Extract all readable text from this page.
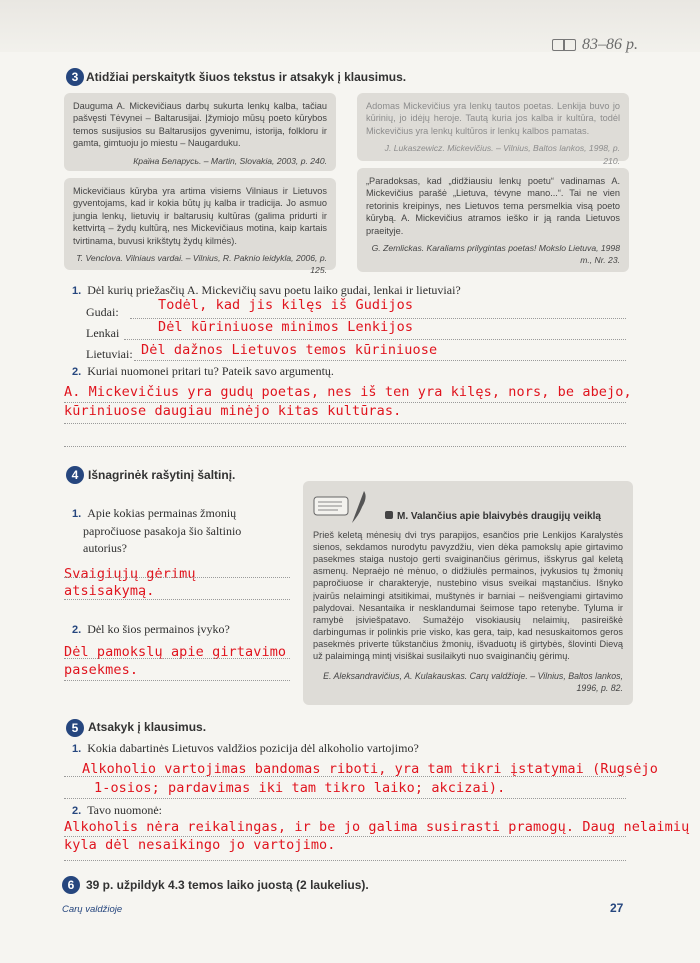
83–86 p.
3 Atidžiai perskaitytk šiuos tekstus ir atsakyk į klausimus.
Dauguma A. Mickevičiaus darbų sukurta lenkų kalba, tačiau pašvęsti Tėvynei – Baltarusijai. Įžymiojo mūsų poeto kūrybos temos susijusios su Baltarusijos gyvenimu, istorija, folkloru ir gamta, gimtuoju jo miestu – Naugarduku.
Країна Беларусь. – Martin, Slovakia, 2003, p. 240.
Adomas Mickevičius yra lenkų tautos poetas. Lenkija buvo jo kūrinių, jo idėjų heroje. Tautą kuria jos kalba ir kultūra, todėl Mickevičius yra lenkų kultūros ir lenkų kalbos pamatas.
J. Lukaszewicz. Mickevičius. – Vilnius, Baltos lankos, 1998, p. 210.
Mickevičiaus kūryba yra artima visiems Vilniaus ir Lietuvos gyventojams, kad ir kokia būtų jų kalba ir tradicija. Jo asmuo jungia lenkų, lietuvių ir baltarusių kultūras (galima pridurti ir kettvirtą – žydų kultūrą, nes Mickevičiaus motina, kaip kartais tvirtinama, buvusi krikštytų žydų kilmės).
T. Venclova. Vilniaus vardai. – Vilnius, R. Paknio leidykla, 2006, p. 125.
„Paradoksas, kad „didžiausiu lenkų poetu“ vadinamas A. Mickevičius parašė „Lietuva, tėvyne mano...“. Tai ne vien retorinis kreipinys, nes Lietuvos tema persmelkia visą poeto kūrybą. A. Mickevičius atramos ieško ir ją randa Lietuvos praeityje.
G. Zemlickas. Karaliams prilygintas poetas! Mokslo Lietuva, 1998 m., Nr. 23.
1. Dėl kurių priežasčių A. Mickevičių savu poetu laiko gudai, lenkai ir lietuviai?
Gudai:	Todėl, kad jis kilęs iš Gudijos
Lenkai	Dėl kūriniuose minimos Lenkijos
Lietuviai: Dėl dažnos Lietuvos temos kūriniuose
2. Kuriai nuomonei pritari tu? Pateik savo argumentų.
A. Mickevičius yra gudų poetas, nes iš ten yra kilęs, nors, be abejo,
kūriniuose daugiau minėjo kitas kultūras.
4 Išnagrinėk rašytinį šaltinį.
1. Apie kokias permainas žmonių
papročiuose pasakoja šio šaltinio
autorius?
Svaigiųjų gėrimų
atsisakymą.
2. Dėl ko šios permainos įvyko?
Dėl pamokslų apie girtavimo
pasekmes.
M. Valančius apie blaivybės draugijų veiklą
Prieš keletą mėnesių dvi trys parapijos, esančios prie Lenkijos Karalystės sienos, sekdamos nurodytu pavyzdžiu, vien dėka pamokslų apie girtavimo pasekmes staiga nustojo gerti svaiginančius gėrimus, išskyrus gal keletą asmenų. Nepraėjo nė mėnuo, o didžiulės permainos, įvykusios tų žmonių papročiuose ir charakteryje, nustebino visus sveikai mąstančius. Išnyko įvairūs nelaimingi atsitikimai, muštynės ir barniai – neišvengiami girtavimo palydovai. Nesantaika ir nesklandumai šeimose tapo retenybe. Tyluma ir ramybė įsiviešpatavo. Sumažėjo visokiausių nelaimių, pasireiškė darbingumas ir polinkis prie visko, kas gera, taip, kad nesuskaitomos geros pasekmės priverte tūkstančius žmonių, išvaduotų iš girtybės, šlovinti Dievą už palaimingą mintį visiškai susilaikyti nuo svaiginančių gėrimų.
E. Aleksandravičius, A. Kulakauskas. Carų valdžioje. – Vilnius, Baltos lankos, 1996, p. 82.
5 Atsakyk į klausimus.
1. Kokia dabartinės Lietuvos valdžios pozicija dėl alkoholio vartojimo?
Alkoholio vartojimas bandomas riboti, yra tam tikri įstatymai (Rugsėjo
1-osios; pardavimas iki tam tikro laiko; akcizai).
2. Tavo nuomonė:
Alkoholis nėra reikalingas, ir be jo galima susirasti pramogų. Daug nelaimių
kyla dėl nesaikingo jo vartojimo.
6 39 p. užpildyk 4.3 temos laiko juostą (2 laukelius).
Carų valdžioje	27
